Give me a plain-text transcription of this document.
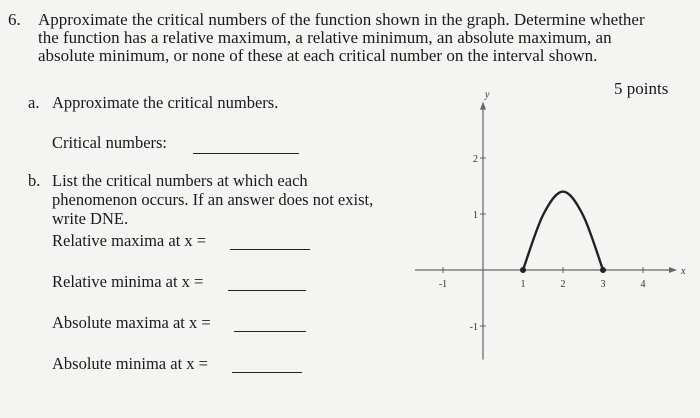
6. Approximate the critical numbers of the function shown in the graph. Determine whether
the function has a relative maximum, a relative minimum, an absolute maximum, an
absolute minimum, or none of these at each critical number on the interval shown.
5 points
a. Approximate the critical numbers.
Critical numbers:
b. List the critical numbers at which each
phenomenon occurs. If an answer does not exist,
write DNE.
Relative maxima at x =
Relative minima at x =
Absolute maxima at x =
Absolute minima at x =
x
y
-1	1	2	3	4
-1
1
2
